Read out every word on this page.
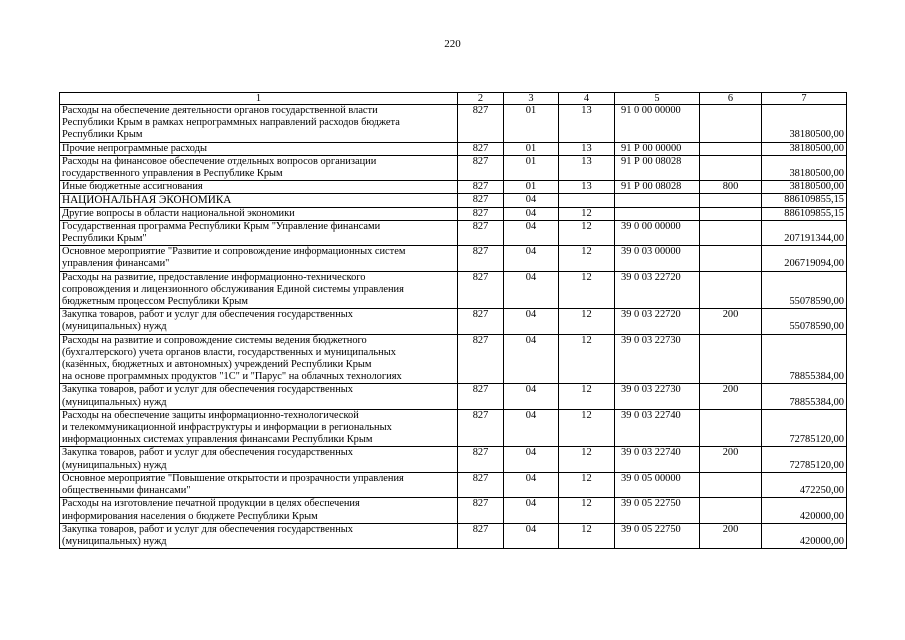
220
1	2	3	4	5	6	7

Расходы на обеспечение деятельности органов государственной власти
Республики Крым в рамках непрограммных направлений расходов бюджета
Республики Крым	827	01	13	91 0 00 00000		38180500,00

Прочие непрограммные расходы	827	01	13	91 Р 00 00000		38180500,00

Расходы на финансовое обеспечение отдельных вопросов организации
государственного управления в Республике Крым	827	01	13	91 Р 00 08028		38180500,00

Иные бюджетные ассигнования	827	01	13	91 Р 00 08028	800	38180500,00

НАЦИОНАЛЬНАЯ ЭКОНОМИКА	827	04				886109855,15

Другие вопросы в области национальной экономики	827	04	12			886109855,15

Государственная программа Республики Крым "Управление финансами
Республики Крым"	827	04	12	39 0 00 00000		207191344,00

Основное мероприятие "Развитие и сопровождение информационных систем
управления финансами"	827	04	12	39 0 03 00000		206719094,00

Расходы на развитие, предоставление информационно-технического
сопровождения и лицензионного обслуживания Единой системы управления
бюджетным процессом Республики Крым	827	04	12	39 0 03 22720		55078590,00

Закупка товаров, работ и услуг для обеспечения государственных
(муниципальных) нужд	827	04	12	39 0 03 22720	200	55078590,00

Расходы на развитие и сопровождение системы ведения бюджетного
(бухгалтерского) учета органов власти, государственных и муниципальных
(казённых, бюджетных и автономных) учреждений Республики Крым
на основе программных продуктов "1С" и "Парус" на облачных технологиях	827	04	12	39 0 03 22730		78855384,00

Закупка товаров, работ и услуг для обеспечения государственных
(муниципальных) нужд	827	04	12	39 0 03 22730	200	78855384,00

Расходы на обеспечение защиты информационно-технологической
и телекоммуникационной инфраструктуры и информации в региональных
информационных системах управления финансами Республики Крым	827	04	12	39 0 03 22740		72785120,00

Закупка товаров, работ и услуг для обеспечения государственных
(муниципальных) нужд	827	04	12	39 0 03 22740	200	72785120,00

Основное мероприятие "Повышение открытости и прозрачности управления
общественными финансами"	827	04	12	39 0 05 00000		472250,00

Расходы на изготовление печатной продукции в целях обеспечения
информирования населения о бюджете Республики Крым	827	04	12	39 0 05 22750		420000,00

Закупка товаров, работ и услуг для обеспечения государственных
(муниципальных) нужд	827	04	12	39 0 05 22750	200	420000,00
